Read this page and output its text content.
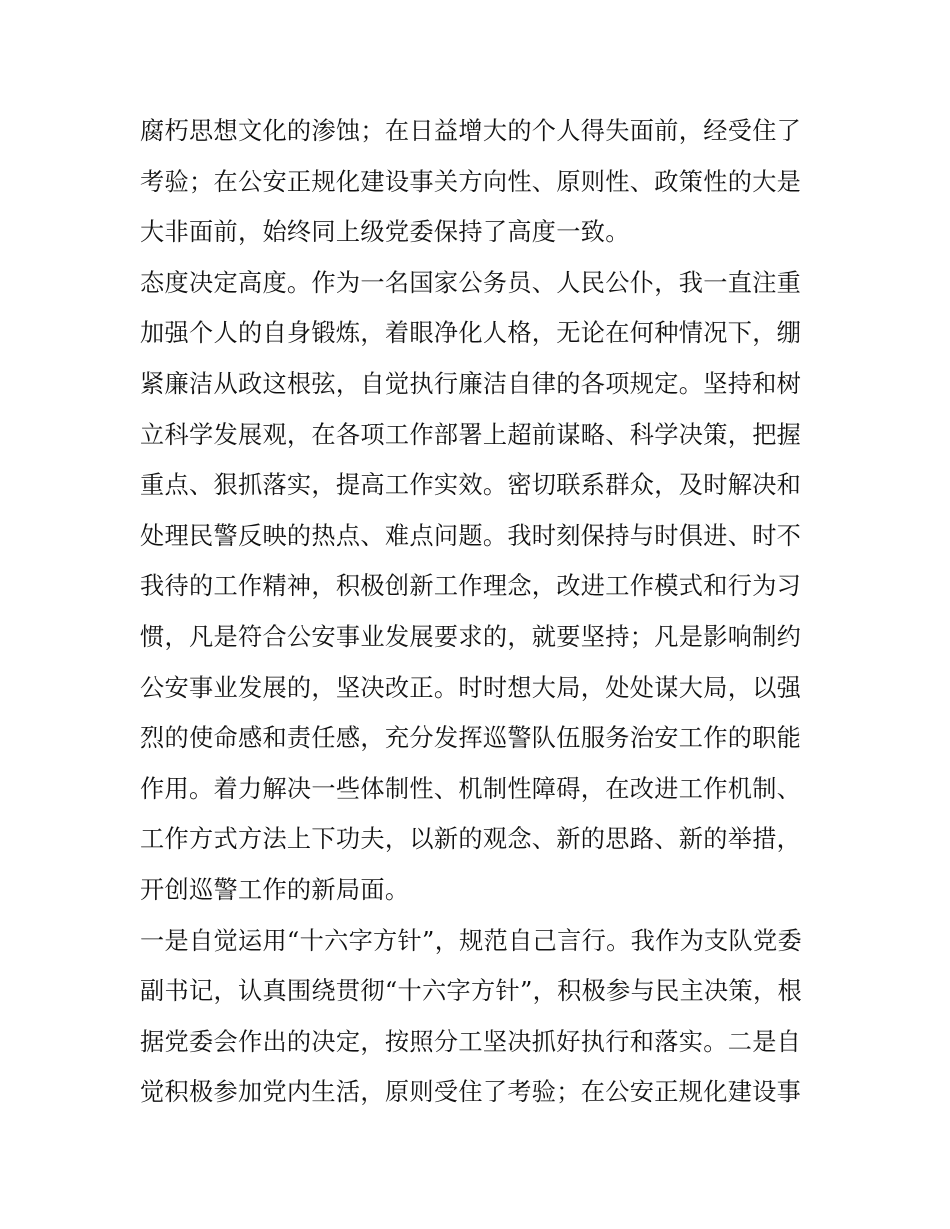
腐朽思想文化的渗蚀；在日益增大的个人得失面前，经受住了
考验；在公安正规化建设事关方向性、原则性、政策性的大是
大非面前，始终同上级党委保持了高度一致。
态度决定高度。作为一名国家公务员、人民公仆，我一直注重
加强个人的自身锻炼，着眼净化人格，无论在何种情况下，绷
紧廉洁从政这根弦，自觉执行廉洁自律的各项规定。坚持和树
立科学发展观，在各项工作部署上超前谋略、科学决策，把握
重点、狠抓落实，提高工作实效。密切联系群众，及时解决和
处理民警反映的热点、难点问题。我时刻保持与时俱进、时不
我待的工作精神，积极创新工作理念，改进工作模式和行为习
惯，凡是符合公安事业发展要求的，就要坚持；凡是影响制约
公安事业发展的，坚决改正。时时想大局，处处谋大局，以强
烈的使命感和责任感，充分发挥巡警队伍服务治安工作的职能
作用。着力解决一些体制性、机制性障碍，在改进工作机制、
工作方式方法上下功夫，以新的观念、新的思路、新的举措，
开创巡警工作的新局面。
一是自觉运用“十六字方针”，规范自己言行。我作为支队党委
副书记，认真围绕贯彻“十六字方针”，积极参与民主决策，根
据党委会作出的决定，按照分工坚决抓好执行和落实。二是自
觉积极参加党内生活，原则受住了考验；在公安正规化建设事
